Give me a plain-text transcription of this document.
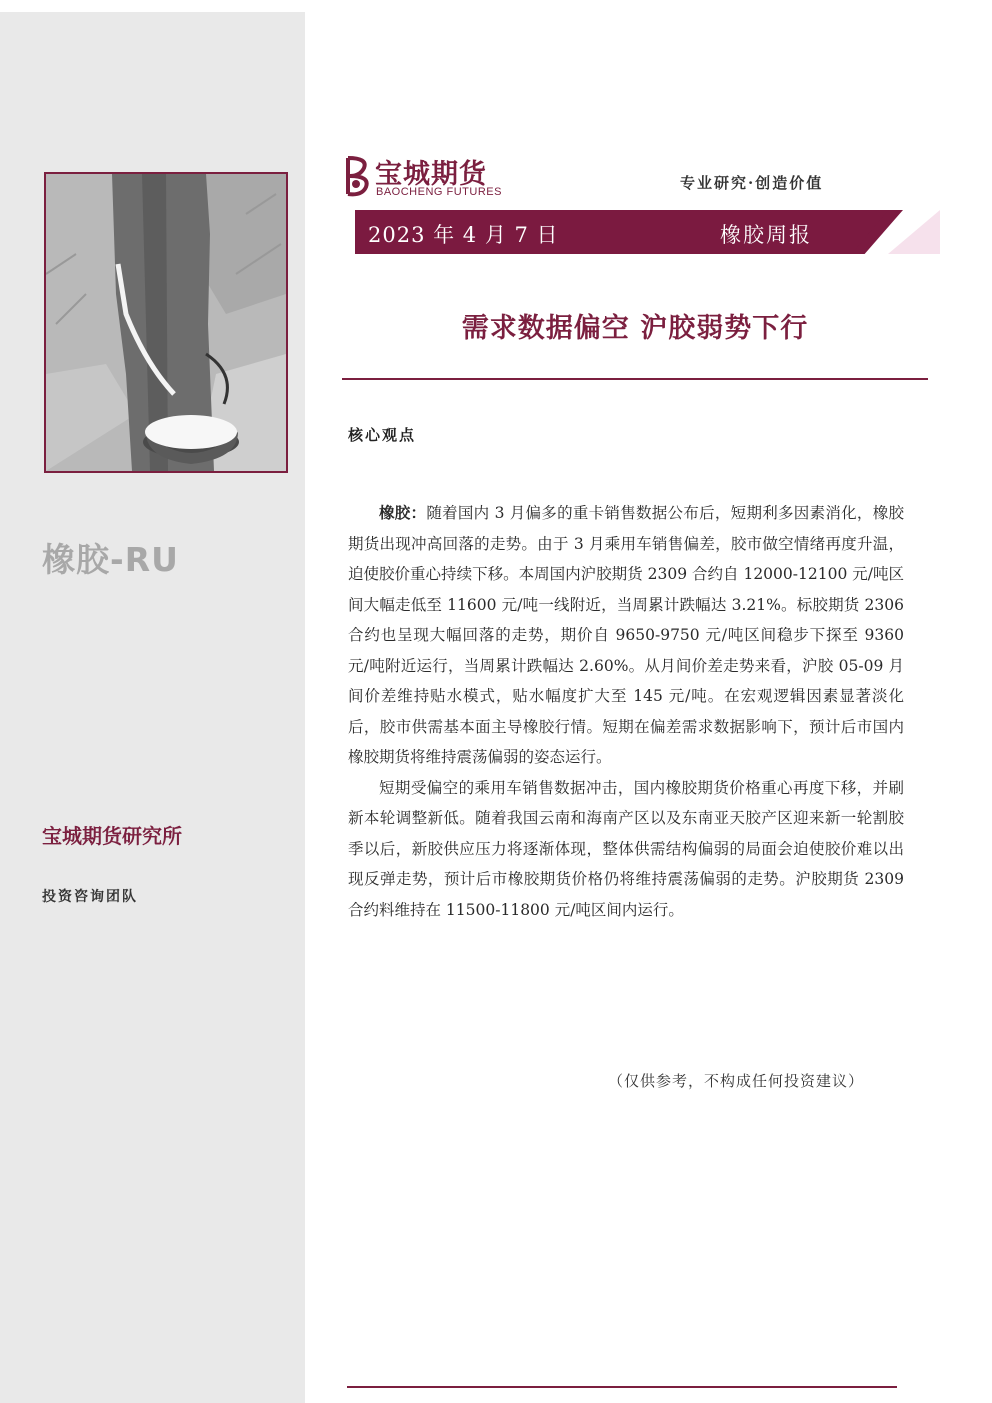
橡胶-RU
宝城期货研究所
投资咨询团队
宝城期货
BAOCHENG FUTURES	专业研究·创造价值
2023 年 4 月 7 日	橡胶周报
需求数据偏空 沪胶弱势下行
核心观点

橡胶：随着国内 3 月偏多的重卡销售数据公布后，短期利多因素消化，橡胶期货出现冲高回落的走势。由于 3 月乘用车销售偏差，胶市做空情绪再度升温，迫使胶价重心持续下移。本周国内沪胶期货 2309 合约自 12000-12100 元/吨区间大幅走低至 11600 元/吨一线附近，当周累计跌幅达 3.21%。标胶期货 2306 合约也呈现大幅回落的走势，期价自 9650-9750 元/吨区间稳步下探至 9360 元/吨附近运行，当周累计跌幅达 2.60%。从月间价差走势来看，沪胶 05-09 月间价差维持贴水模式，贴水幅度扩大至 145 元/吨。在宏观逻辑因素显著淡化后，胶市供需基本面主导橡胶行情。短期在偏差需求数据影响下，预计后市国内橡胶期货将维持震荡偏弱的姿态运行。

短期受偏空的乘用车销售数据冲击，国内橡胶期货价格重心再度下移，并刷新本轮调整新低。随着我国云南和海南产区以及东南亚天胶产区迎来新一轮割胶季以后，新胶供应压力将逐渐体现，整体供需结构偏弱的局面会迫使胶价难以出现反弹走势，预计后市橡胶期货价格仍将维持震荡偏弱的走势。沪胶期货 2309 合约料维持在 11500-11800 元/吨区间内运行。

（仅供参考，不构成任何投资建议）
